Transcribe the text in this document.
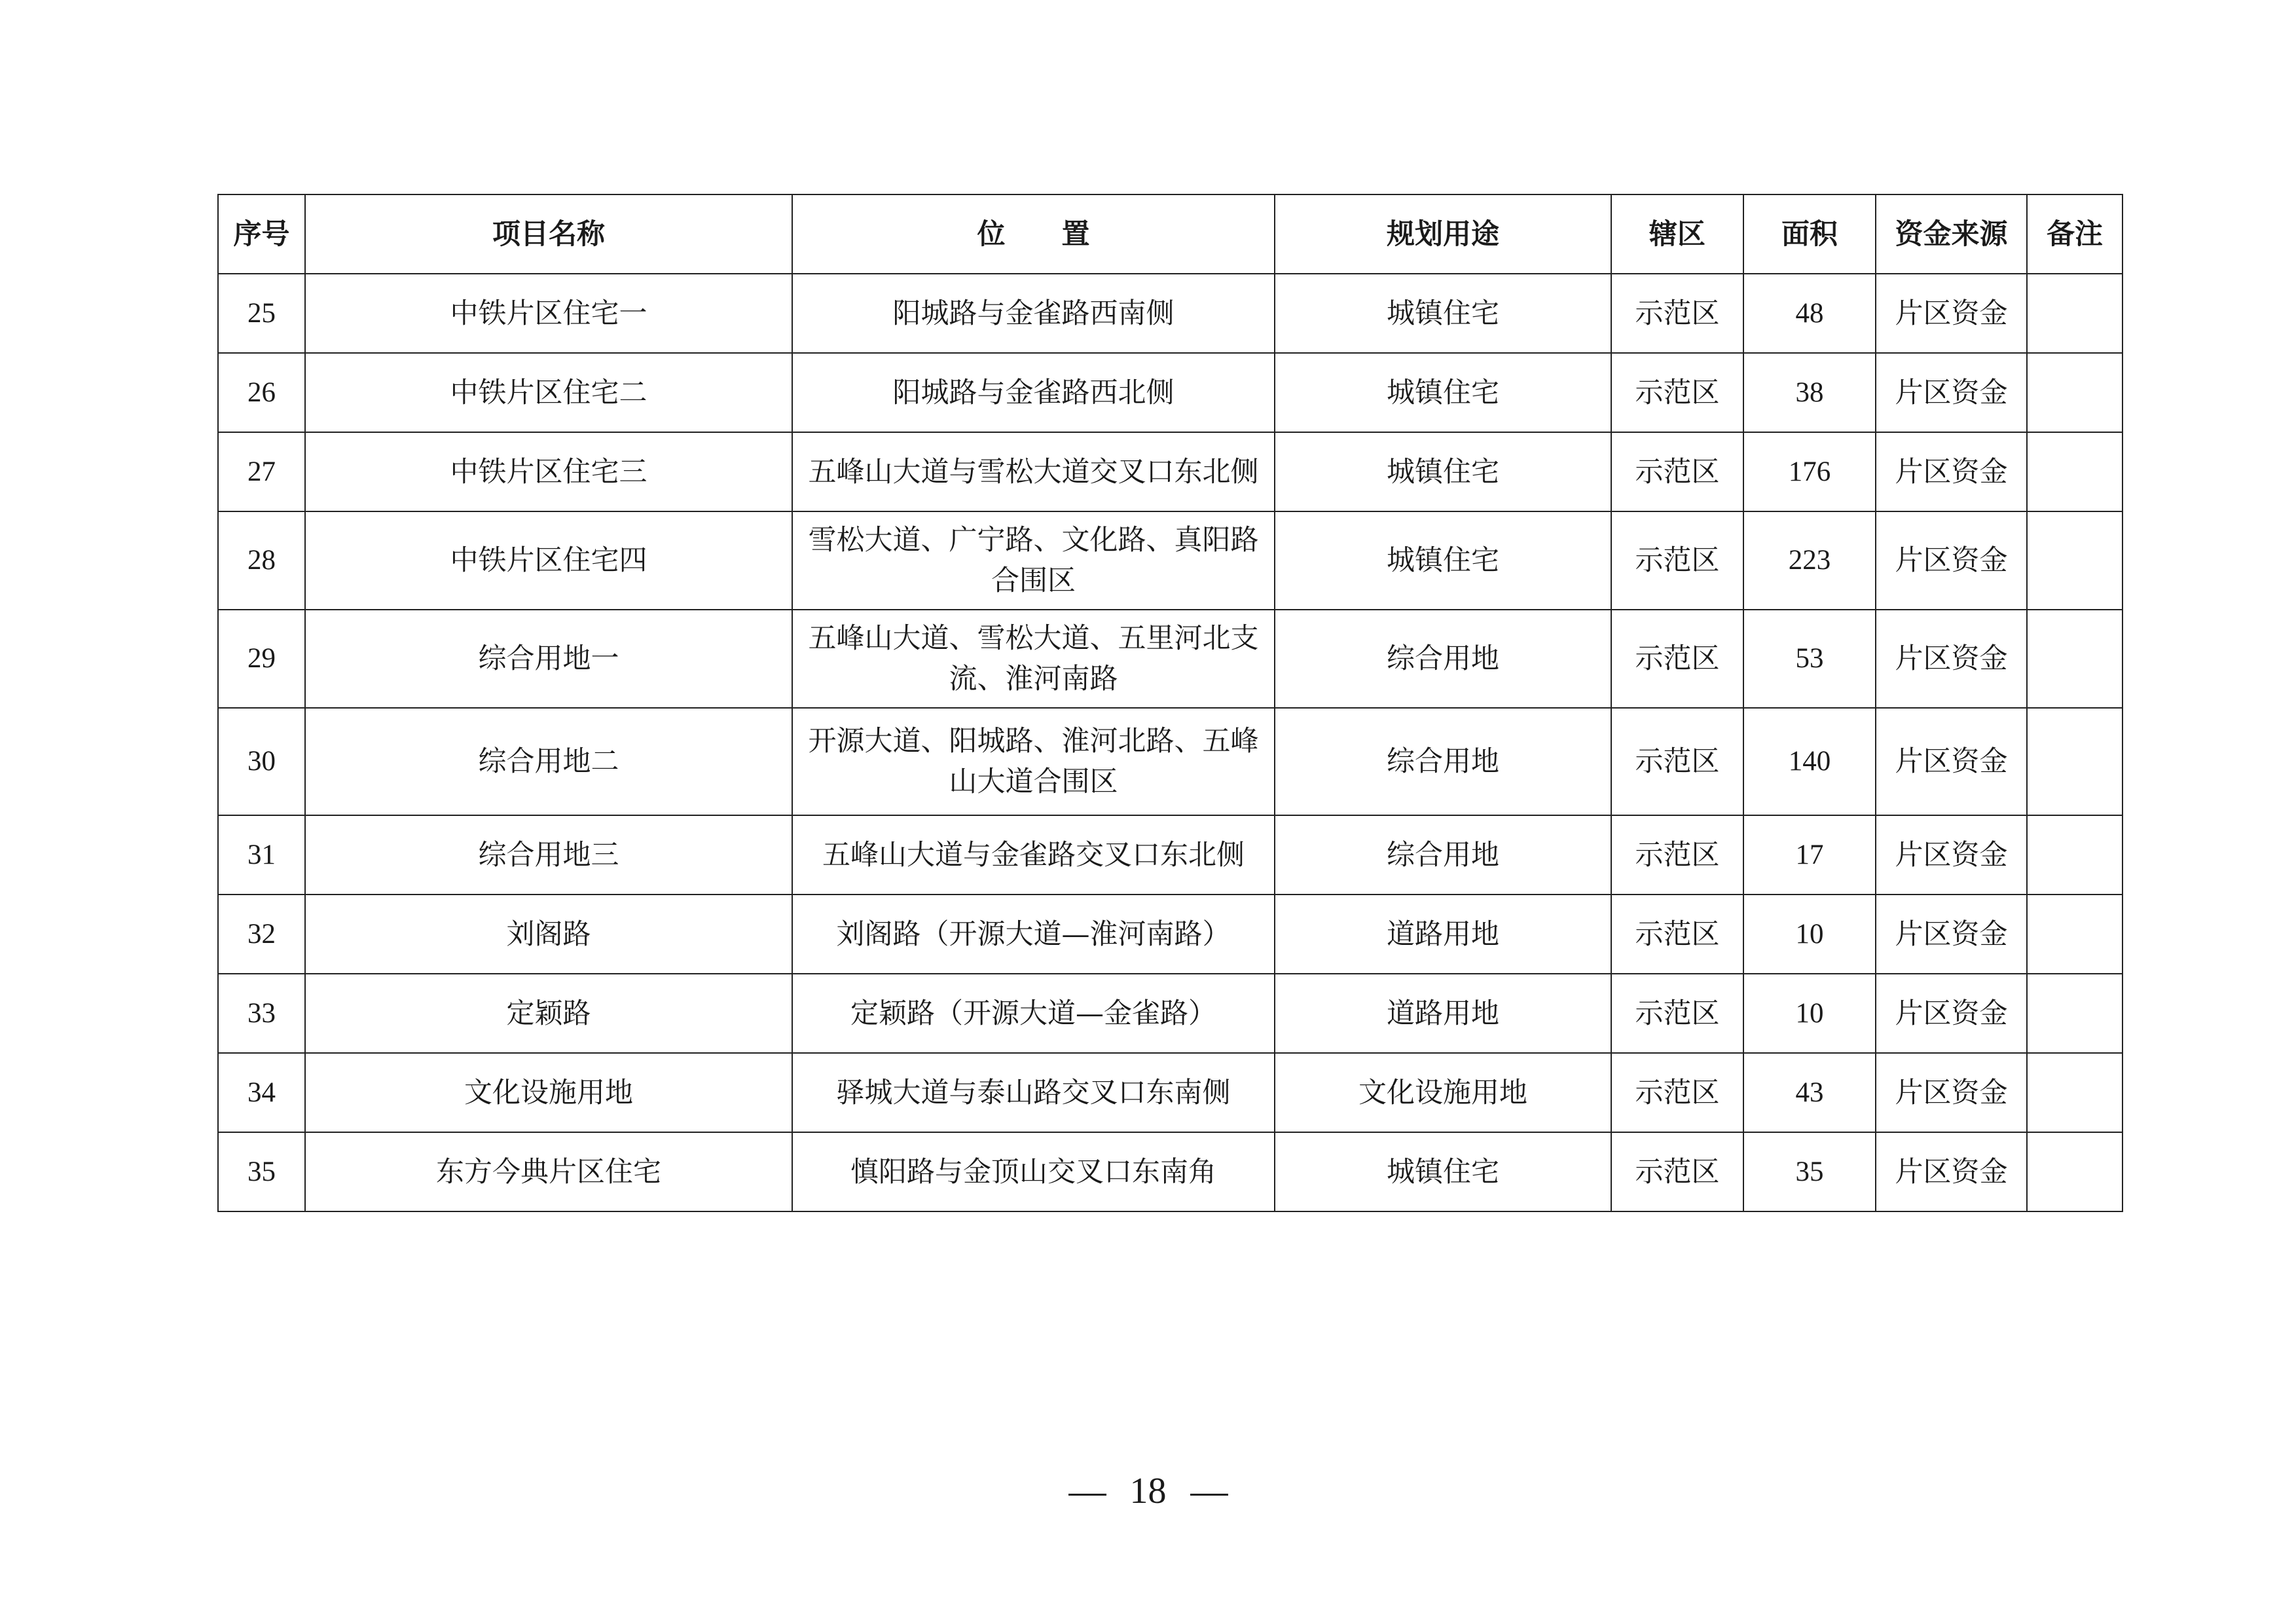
序号	项目名称	位　　置	规划用途	辖区	面积	资金来源	备注
25	中铁片区住宅一	阳城路与金雀路西南侧	城镇住宅	示范区	48	片区资金	
26	中铁片区住宅二	阳城路与金雀路西北侧	城镇住宅	示范区	38	片区资金	
27	中铁片区住宅三	五峰山大道与雪松大道交叉口东北侧	城镇住宅	示范区	176	片区资金	
28	中铁片区住宅四	雪松大道、广宁路、文化路、真阳路合围区	城镇住宅	示范区	223	片区资金	
29	综合用地一	五峰山大道、雪松大道、五里河北支流、淮河南路	综合用地	示范区	53	片区资金	
30	综合用地二	开源大道、阳城路、淮河北路、五峰山大道合围区	综合用地	示范区	140	片区资金	
31	综合用地三	五峰山大道与金雀路交叉口东北侧	综合用地	示范区	17	片区资金	
32	刘阁路	刘阁路（开源大道—淮河南路）	道路用地	示范区	10	片区资金	
33	定颖路	定颖路（开源大道—金雀路）	道路用地	示范区	10	片区资金	
34	文化设施用地	驿城大道与泰山路交叉口东南侧	文化设施用地	示范区	43	片区资金	
35	东方今典片区住宅	慎阳路与金顶山交叉口东南角	城镇住宅	示范区	35	片区资金	
18
